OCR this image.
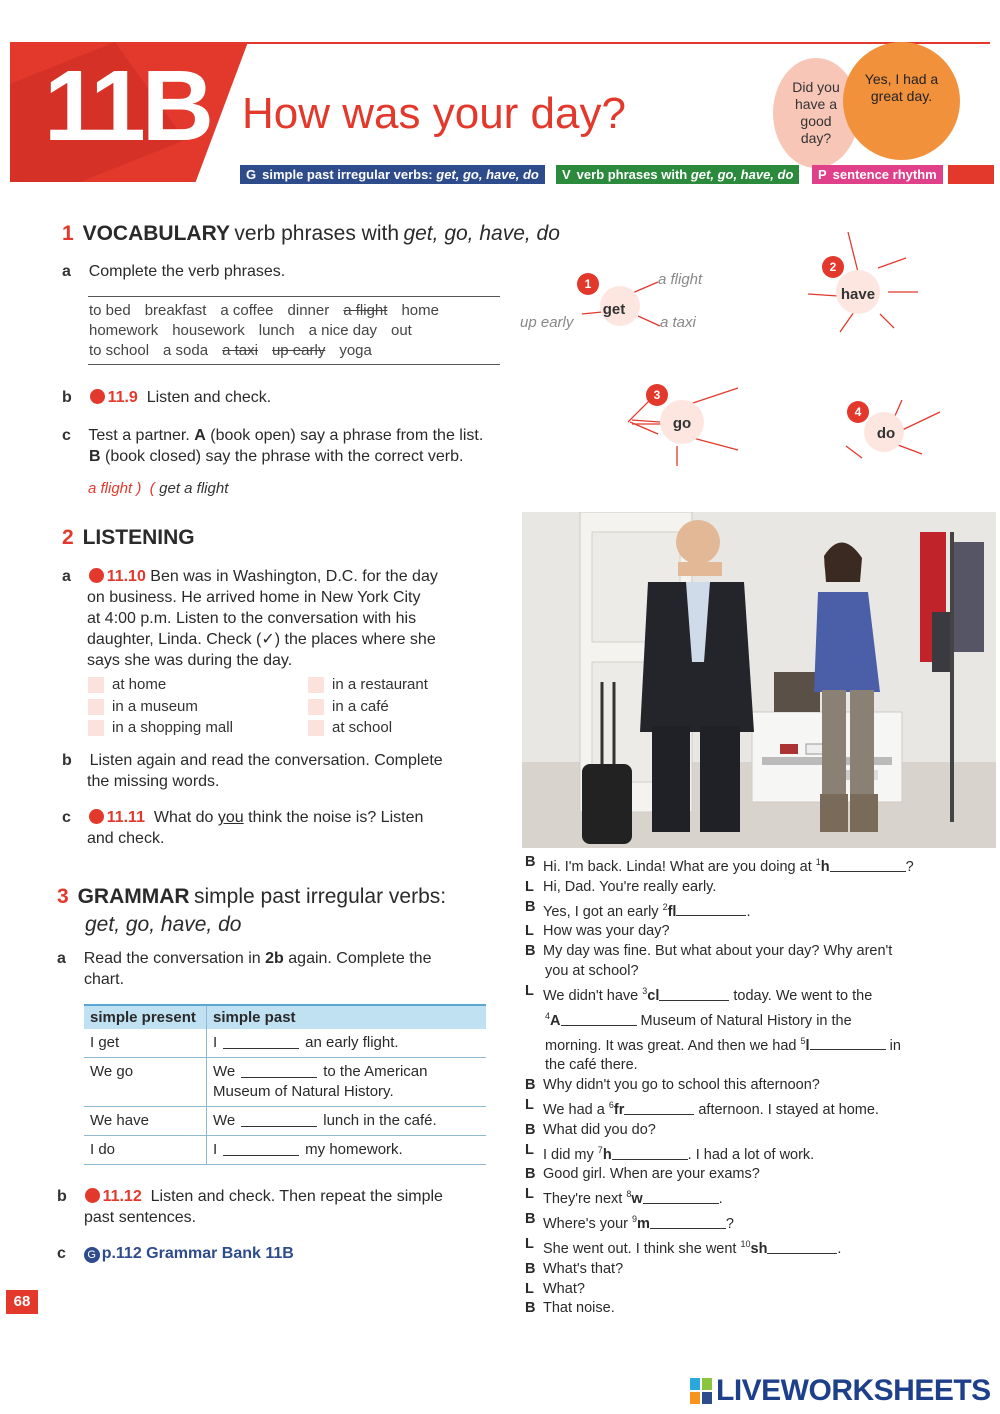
11B How was your day?
Did you have a good day?
Yes, I had a great day.
G simple past irregular verbs: get, go, have, do	V verb phrases with get, go, have, do	P sentence rhythm
1 VOCABULARY verb phrases with get, go, have, do
a Complete the verb phrases.
to bed breakfast a coffee dinner a flight home
homework housework lunch a nice day out
to school a soda a taxi up early yoga
b 11.9 Listen and check.
c Test a partner. A (book open) say a phrase from the list.
B (book closed) say the phrase with the correct verb.
a flight )  ( get a flight
1
2
3
4
get
have
go
do
a flight
up early	a taxi
2 LISTENING
a 11.10 Ben was in Washington, D.C. for the day
on business. He arrived home in New York City
at 4:00 p.m. Listen to the conversation with his
daughter, Linda. Check (✓) the places where she
says she was during the day.
at home	in a restaurant
in a museum	in a café
in a shopping mall	at school
b Listen again and read the conversation. Complete
the missing words.
c 11.11 What do you think the noise is? Listen
and check.
3 GRAMMAR simple past irregular verbs:
get, go, have, do
a Read the conversation in 2b again. Complete the
chart.
simple present	simple past
I get	I an early flight.
We go	We to the American
Museum of Natural History.

We have	We lunch in the café.
I do	I my homework.
b 11.12 Listen and check. Then repeat the simple
past sentences.
c G p.112 Grammar Bank 11B
B Hi. I'm back. Linda! What are you doing at $^1$h	?
L Hi, Dad. You're really early.
B Yes, I got an early $^2$fl	.
L How was your day?
B My day was fine. But what about your day? Why aren't
you at school?
L We didn't have $^3$cl	today. We went to the
$^4$A	Museum of Natural History in the
morning. It was great. And then we had $^5$l	in
the café there.
B Why didn't you go to school this afternoon?
L We had a $^6$fr	afternoon. I stayed at home.
B What did you do?
L I did my $^7$h	. I had a lot of work.
B Good girl. When are your exams?
L They're next $^8$w	.
B Where's your $^9$m	?
L She went out. I think she went $^{10}$sh	.
B What's that?
L What?
B That noise.
68
LIVEWORKSHEETS
